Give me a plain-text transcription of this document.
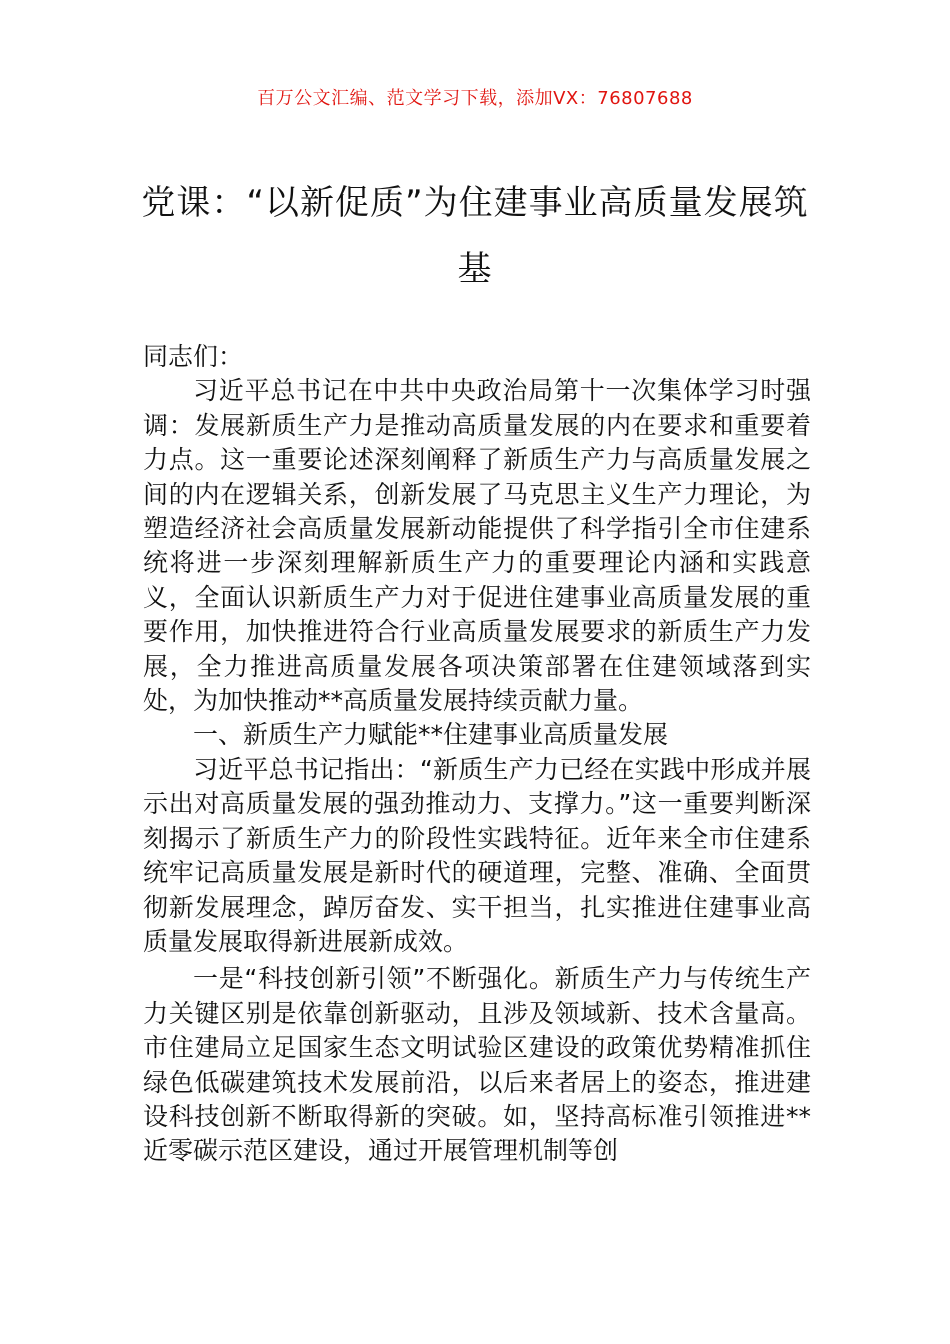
百万公文汇编、范文学习下载，添加VX：76807688
党课：“以新促质”为住建事业高质量发展筑基

同志们：

习近平总书记在中共中央政治局第十一次集体学习时强调：发展新质生产力是推动高质量发展的内在要求和重要着力点。这一重要论述深刻阐释了新质生产力与高质量发展之间的内在逻辑关系，创新发展了马克思主义生产力理论，为塑造经济社会高质量发展新动能提供了科学指引全市住建系统将进一步深刻理解新质生产力的重要理论内涵和实践意义，全面认识新质生产力对于促进住建事业高质量发展的重要作用，加快推进符合行业高质量发展要求的新质生产力发展，全力推进高质量发展各项决策部署在住建领域落到实处，为加快推动**高质量发展持续贡献力量。

一、新质生产力赋能**住建事业高质量发展

习近平总书记指出：“新质生产力已经在实践中形成并展示出对高质量发展的强劲推动力、支撑力。”这一重要判断深刻揭示了新质生产力的阶段性实践特征。近年来全市住建系统牢记高质量发展是新时代的硬道理，完整、准确、全面贯彻新发展理念，踔厉奋发、实干担当，扎实推进住建事业高质量发展取得新进展新成效。

一是“科技创新引领”不断强化。新质生产力与传统生产力关键区别是依靠创新驱动，且涉及领域新、技术含量高。市住建局立足国家生态文明试验区建设的政策优势精准抓住绿色低碳建筑技术发展前沿，以后来者居上的姿态，推进建设科技创新不断取得新的突破。如，坚持高标准引领推进**近零碳示范区建设，通过开展管理机制等创
